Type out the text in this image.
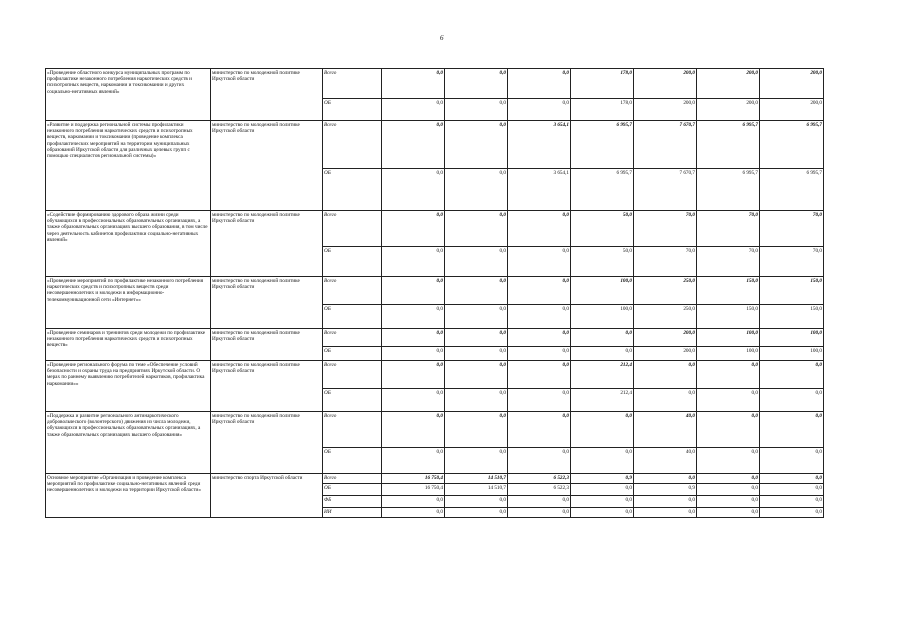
6
«Проведение областного конкурса муниципальных программ по профилактике незаконного потребления наркотических средств и психотропных веществ, наркомании и токсикомании и других социально-негативных явлений»	министерство по молодежной политике Иркутской области	Всего	0,0	0,0	0,0	178,0	200,0	200,0	200,0
		ОБ	0,0	0,0	0,0	178,0	200,0	200,0	200,0
«Развитие и поддержка региональной системы профилактики незаконного потребления наркотических средств и психотропных веществ, наркомании и токсикомании (проведение комплекса профилактических мероприятий на территории муниципальных образований Иркутской области для различных целевых групп с помощью специалистов региональной системы)»	министерство по молодежной политике Иркутской области	Всего	0,0	0,0	3 654,1	6 995,7	7 670,7	6 995,7	6 995,7
		ОБ	0,0	0,0	3 654,1	6 995,7	7 670,7	6 995,7	6 995,7
«Содействие формированию здорового образа жизни среди обучающихся в профессиональных образовательных организациях, а также образовательных организациях высшего образования, в том числе через деятельность кабинетов профилактики социально-негативных явлений»	министерство по молодежной политике Иркутской области	Всего	0,0	0,0	0,0	50,0	70,0	70,0	70,0
		ОБ	0,0	0,0	0,0	50,0	70,0	70,0	70,0
«Проведение мероприятий по профилактике незаконного потребления наркотических средств и психотропных веществ среди несовершеннолетних и молодежи в информационно-телекоммуникационной сети «Интернет»»	министерство по молодежной политике Иркутской области	Всего	0,0	0,0	0,0	100,0	250,0	150,0	150,0
		ОБ	0,0	0,0	0,0	100,0	250,0	150,0	150,0
«Проведение семинаров и тренингов среди молодежи по профилактике незаконного потребления наркотических средств и психотропных веществ»	министерство по молодежной политике Иркутской области	Всего	0,0	0,0	0,0	0,0	200,0	100,0	100,0
		ОБ	0,0	0,0	0,0	0,0	200,0	100,0	100,0
«Проведение регионального форума по теме «Обеспечение условий безопасности и охраны труда на предприятиях Иркутской области. О мерах по раннему выявлению потребителей наркотиков, профилактика наркомании»»	министерство по молодежной политике Иркутской области	Всего	0,0	0,0	0,0	212,4	0,0	0,0	0,0
		ОБ	0,0	0,0	0,0	212,4	0,0	0,0	0,0
«Поддержка и развитие регионального антинаркотического добровольческого (волонтерского) движения из числа молодежи, обучающихся в профессиональных образовательных организациях, а также образовательных организациях высшего образования»	министерство по молодежной политике Иркутской области	Всего	0,0	0,0	0,0	0,0	40,0	0,0	0,0
		ОБ	0,0	0,0	0,0	0,0	40,0	0,0	0,0
Основное мероприятие «Организация и проведение комплекса мероприятий по профилактике социально-негативных явлений среди несовершеннолетних и молодежи на территории Иркутской области»	министерство спорта Иркутской области	Всего	16 750,4	14 510,7	6 522,3	0,9	0,0	0,0	0,0
		ОБ	16 750,4	14 510,7	6 522,3	0,0	0,9	0,0	0,0
		ФБ	0,0	0,0	0,0	0,0	0,0	0,0	0,0
		ИИ	0,0	0,0	0,0	0,0	0,0	0,0	0,0
